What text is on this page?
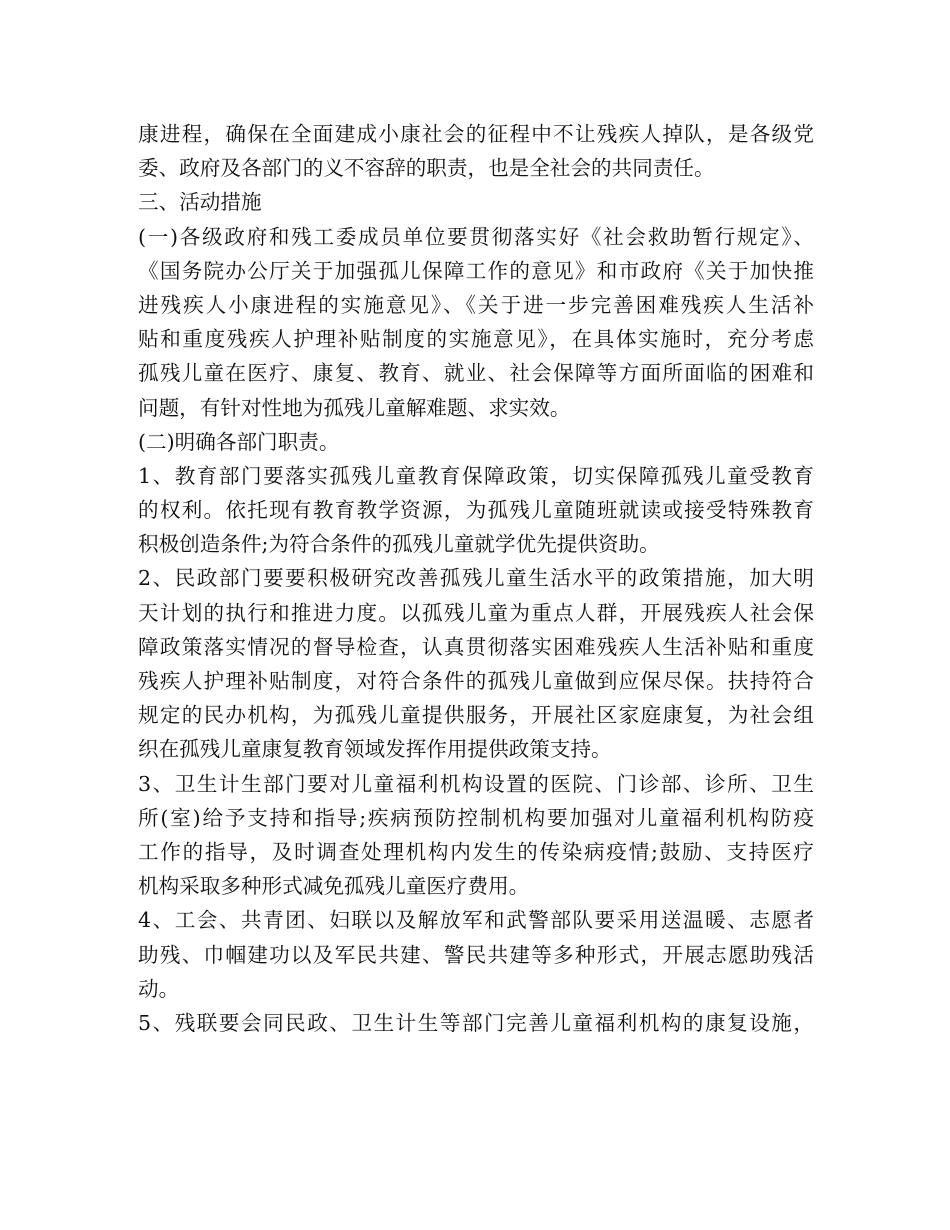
康进程，确保在全面建成小康社会的征程中不让残疾人掉队，是各级党
委、政府及各部门的义不容辞的职责，也是全社会的共同责任。
三、活动措施
(一)各级政府和残工委成员单位要贯彻落实好《社会救助暂行规定》、
《国务院办公厅关于加强孤儿保障工作的意见》和市政府《关于加快推
进残疾人小康进程的实施意见》、《关于进一步完善困难残疾人生活补
贴和重度残疾人护理补贴制度的实施意见》，在具体实施时，充分考虑
孤残儿童在医疗、康复、教育、就业、社会保障等方面所面临的困难和
问题，有针对性地为孤残儿童解难题、求实效。
(二)明确各部门职责。
1、教育部门要落实孤残儿童教育保障政策，切实保障孤残儿童受教育
的权利。依托现有教育教学资源，为孤残儿童随班就读或接受特殊教育
积极创造条件;为符合条件的孤残儿童就学优先提供资助。
2、民政部门要要积极研究改善孤残儿童生活水平的政策措施，加大明
天计划的执行和推进力度。以孤残儿童为重点人群，开展残疾人社会保
障政策落实情况的督导检查，认真贯彻落实困难残疾人生活补贴和重度
残疾人护理补贴制度，对符合条件的孤残儿童做到应保尽保。扶持符合
规定的民办机构，为孤残儿童提供服务，开展社区家庭康复，为社会组
织在孤残儿童康复教育领域发挥作用提供政策支持。
3、卫生计生部门要对儿童福利机构设置的医院、门诊部、诊所、卫生
所(室)给予支持和指导;疾病预防控制机构要加强对儿童福利机构防疫
工作的指导，及时调查处理机构内发生的传染病疫情;鼓励、支持医疗
机构采取多种形式减免孤残儿童医疗费用。
4、工会、共青团、妇联以及解放军和武警部队要采用送温暖、志愿者
助残、巾帼建功以及军民共建、警民共建等多种形式，开展志愿助残活
动。
5、残联要会同民政、卫生计生等部门完善儿童福利机构的康复设施，
